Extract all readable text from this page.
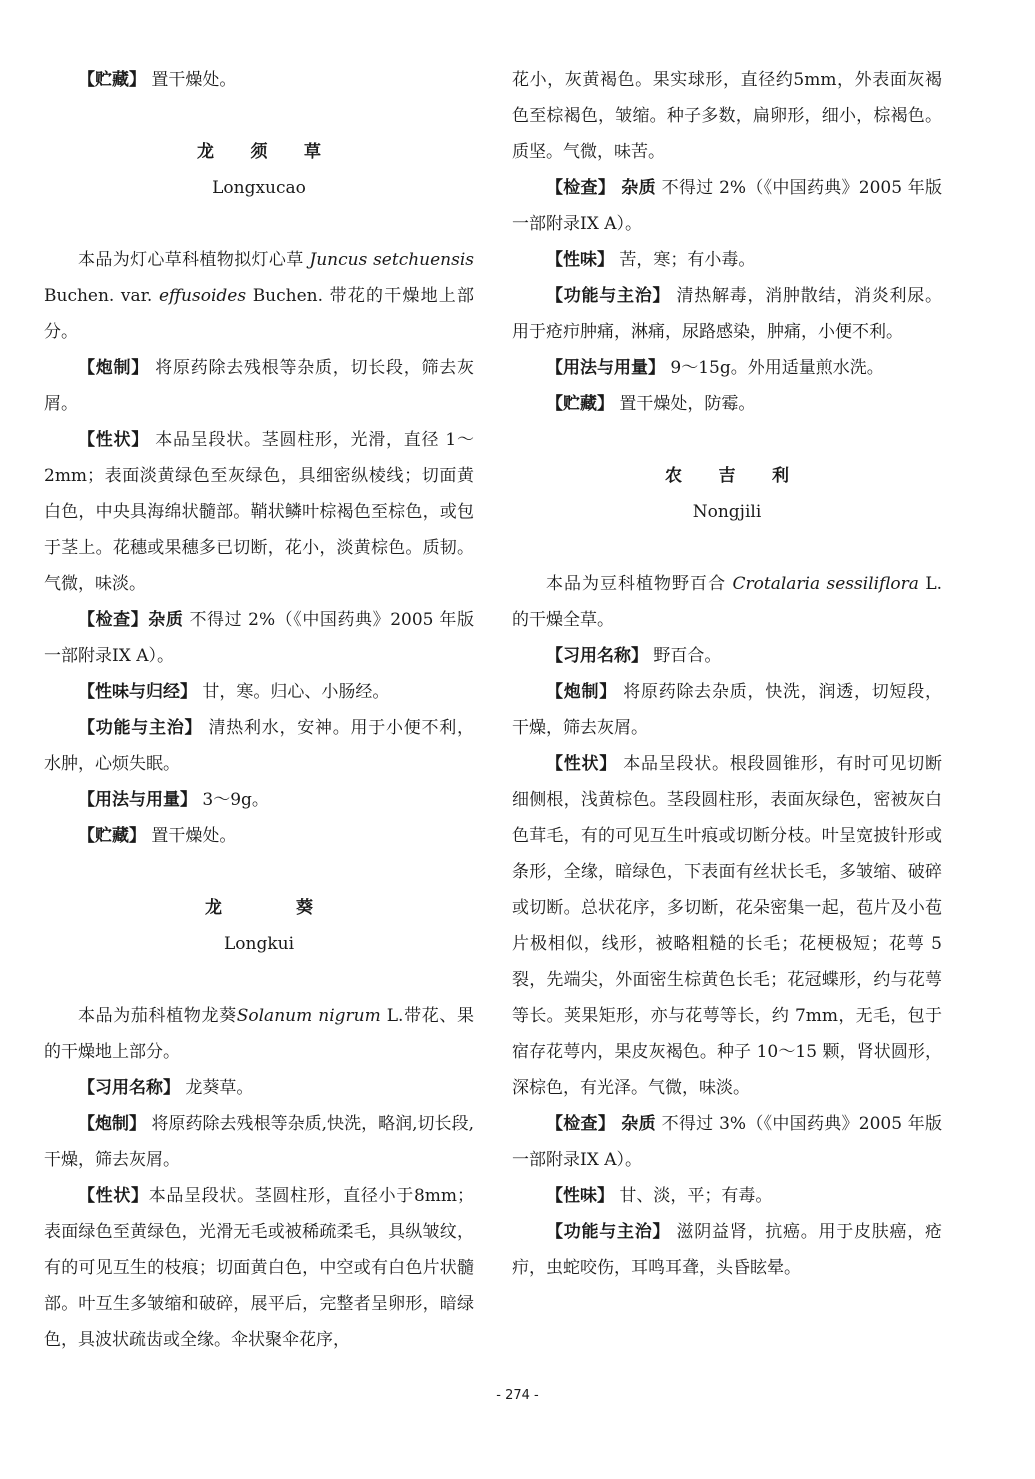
【贮藏】 置干燥处。

龙 须 草

Longxucao

本品为灯心草科植物拟灯心草 Juncus setchuensis Buchen. var. effusoides Buchen. 带花的干燥地上部分。

【炮制】 将原药除去残根等杂质，切长段，筛去灰屑。

【性状】 本品呈段状。茎圆柱形，光滑，直径 1～2mm；表面淡黄绿色至灰绿色，具细密纵棱线；切面黄白色，中央具海绵状髓部。鞘状鳞叶棕褐色至棕色，或包于茎上。花穗或果穗多已切断，花小，淡黄棕色。质韧。气微，味淡。

【检查】杂质 不得过 2%（《中国药典》2005 年版一部附录IX A）。

【性味与归经】 甘，寒。归心、小肠经。

【功能与主治】 清热利水，安神。用于小便不利，水肿，心烦失眠。

【用法与用量】 3～9g。

【贮藏】 置干燥处。

龙 葵

Longkui

本品为茄科植物龙葵Solanum nigrum L.带花、果的干燥地上部分。

【习用名称】 龙葵草。

【炮制】 将原药除去残根等杂质,快洗，略润,切长段,干燥，筛去灰屑。

【性状】本品呈段状。茎圆柱形，直径小于8mm；表面绿色至黄绿色，光滑无毛或被稀疏柔毛，具纵皱纹，有的可见互生的枝痕；切面黄白色，中空或有白色片状髓部。叶互生多皱缩和破碎，展平后，完整者呈卵形，暗绿色，具波状疏齿或全缘。伞状聚伞花序，

花小，灰黄褐色。果实球形，直径约5mm，外表面灰褐色至棕褐色，皱缩。种子多数，扁卵形，细小，棕褐色。质坚。气微，味苦。

【检查】 杂质 不得过 2%（《中国药典》2005 年版一部附录IX A）。

【性味】 苦，寒；有小毒。

【功能与主治】 清热解毒，消肿散结，消炎利尿。用于疮疖肿痛，淋痛，尿路感染，肿痛，小便不利。

【用法与用量】 9～15g。外用适量煎水洗。

【贮藏】 置干燥处，防霉。

农 吉 利

Nongjili

本品为豆科植物野百合 Crotalaria sessiliflora L. 的干燥全草。

【习用名称】 野百合。

【炮制】 将原药除去杂质，快洗，润透，切短段，干燥，筛去灰屑。

【性状】 本品呈段状。根段圆锥形，有时可见切断细侧根，浅黄棕色。茎段圆柱形，表面灰绿色，密被灰白色茸毛，有的可见互生叶痕或切断分枝。叶呈宽披针形或条形，全缘，暗绿色，下表面有丝状长毛，多皱缩、破碎或切断。总状花序，多切断，花朵密集一起，苞片及小苞片极相似，线形，被略粗糙的长毛；花梗极短；花萼 5 裂，先端尖，外面密生棕黄色长毛；花冠蝶形，约与花萼等长。荚果矩形，亦与花萼等长，约 7mm，无毛，包于宿存花萼内，果皮灰褐色。种子 10～15 颗，肾状圆形，深棕色，有光泽。气微，味淡。

【检查】 杂质 不得过 3%（《中国药典》2005 年版一部附录IX A）。

【性味】 甘、淡，平；有毒。

【功能与主治】 滋阴益肾，抗癌。用于皮肤癌，疮疖，虫蛇咬伤，耳鸣耳聋，头昏眩晕。

- 274 -
